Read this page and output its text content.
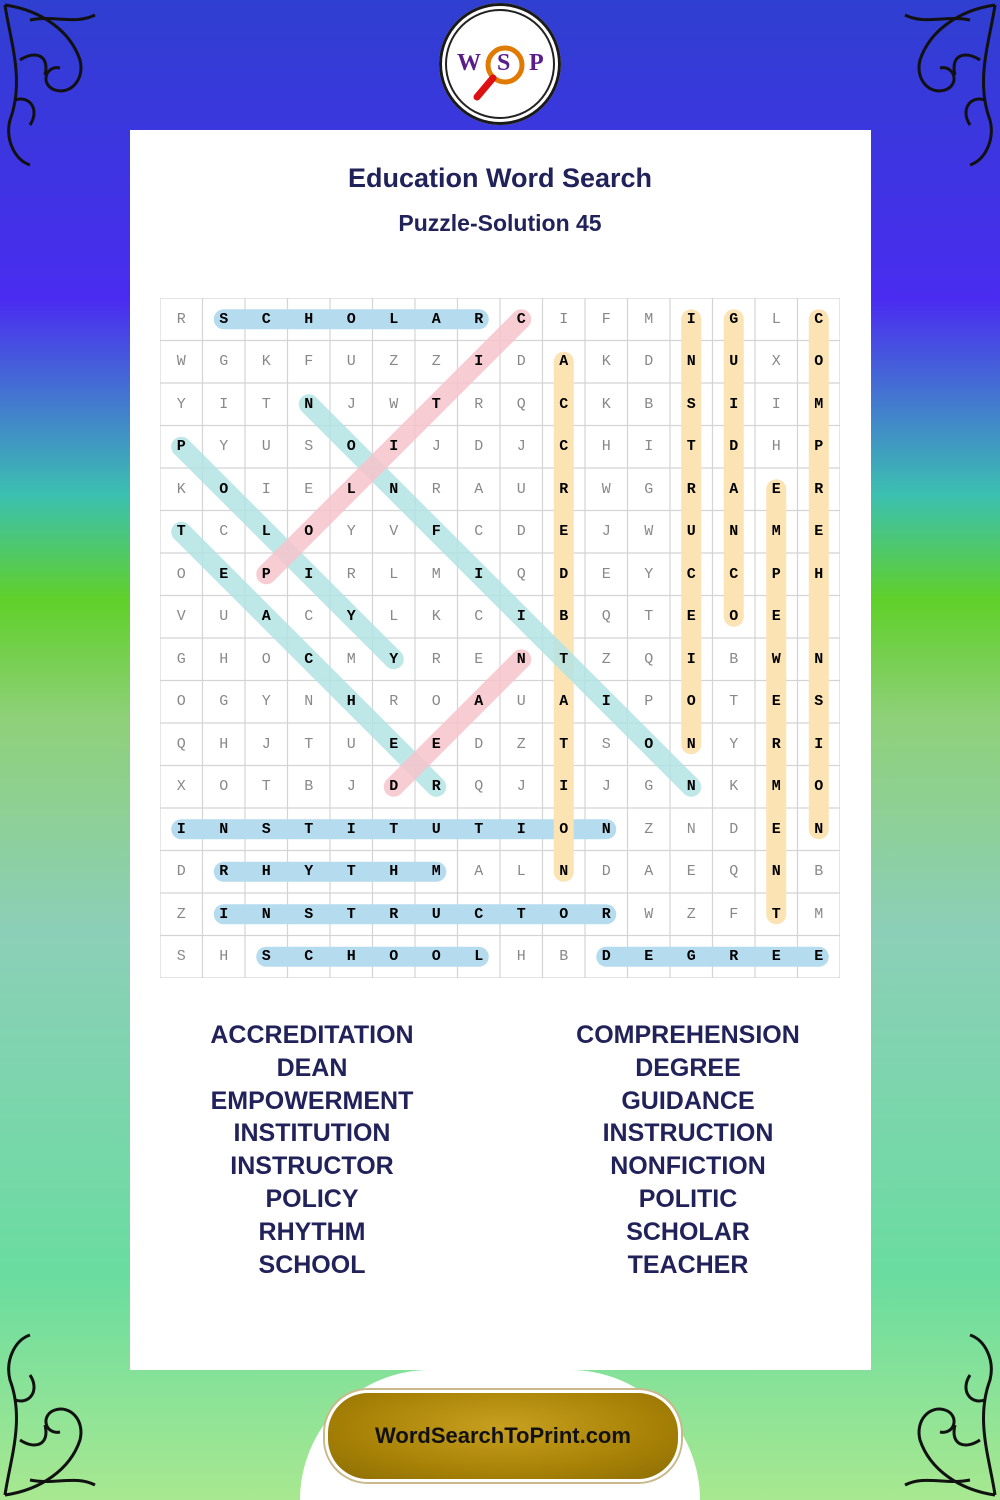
W S P
Education Word Search
Puzzle-Solution 45
R	S	C	H	O	L	A	R	C	I	F	M	I	G	L	C
W	G	K	F	U	Z	Z	I	D	A	K	D	N	U	X	O
Y	I	T	N	J	W	T	R	Q	C	K	B	S	I	I	M
P	Y	U	S	O	I	J	D	J	C	H	I	T	D	H	P
K	O	I	E	L	N	R	A	U	R	W	G	R	A	E	R
T	C	L	O	Y	V	F	C	D	E	J	W	U	N	M	E
O	E	P	I	R	L	M	I	Q	D	E	Y	C	C	P	H
V	U	A	C	Y	L	K	C	I	B	Q	T	E	O	E
G	H	O	C	M	Y	R	E	N	T	Z	Q	I	B	W	N
O	G	Y	N	H	R	O	A	U	A	I	P	O	T	E	S
Q	H	J	T	U	E	E	D	Z	T	S	O	N	Y	R	I
X	O	T	B	J	D	R	Q	J	I	J	G	N	K	M	O
I	N	S	T	I	T	U	T	I	O	N	Z	N	D	E	N
D	R	H	Y	T	H	M	A	L	N	D	A	E	Q	N	B
Z	I	N	S	T	R	U	C	T	O	R	W	Z	F	T	M
S	H	S	C	H	O	O	L	H	B	D	E	G	R	E	E
ACCREDITATION
DEAN
EMPOWERMENT
INSTITUTION
INSTRUCTOR
POLICY
RHYTHM
SCHOOL
COMPREHENSION
DEGREE
GUIDANCE
INSTRUCTION
NONFICTION
POLITIC
SCHOLAR
TEACHER
WordSearchToPrint.com
